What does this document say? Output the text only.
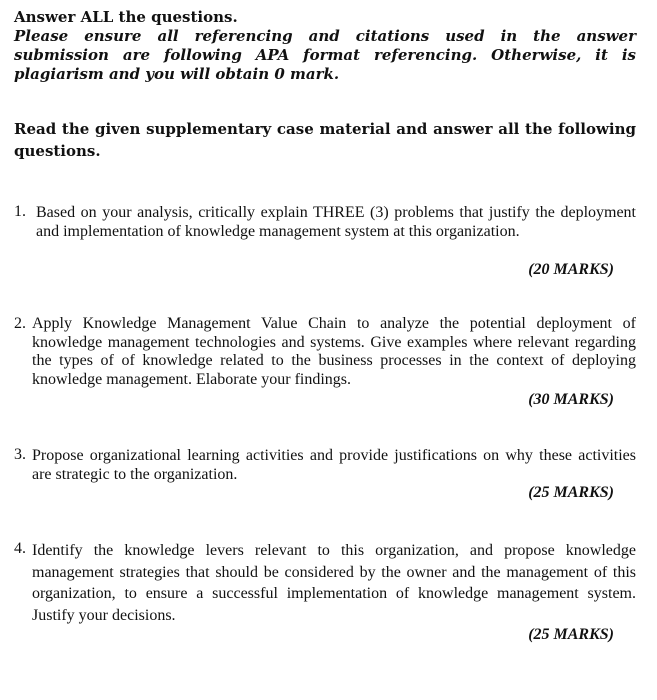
Answer ALL the questions.

Please ensure all referencing and citations used in the answer submission are following APA format referencing. Otherwise, it is plagiarism and you will obtain 0 mark.

Read the given supplementary case material and answer all the following questions.

1. Based on your analysis, critically explain THREE (3) problems that justify the deployment and implementation of knowledge management system at this organization.

(20 MARKS)
2. Apply Knowledge Management Value Chain to analyze the potential deployment of knowledge management technologies and systems. Give examples where relevant regarding the types of of knowledge related to the business processes in the context of deploying knowledge management. Elaborate your findings.

(30 MARKS)
3. Propose organizational learning activities and provide justifications on why these activities are strategic to the organization.

(25 MARKS)
4. Identify the knowledge levers relevant to this organization, and propose knowledge management strategies that should be considered by the owner and the management of this organization, to ensure a successful implementation of knowledge management system. Justify your decisions.

(25 MARKS)
